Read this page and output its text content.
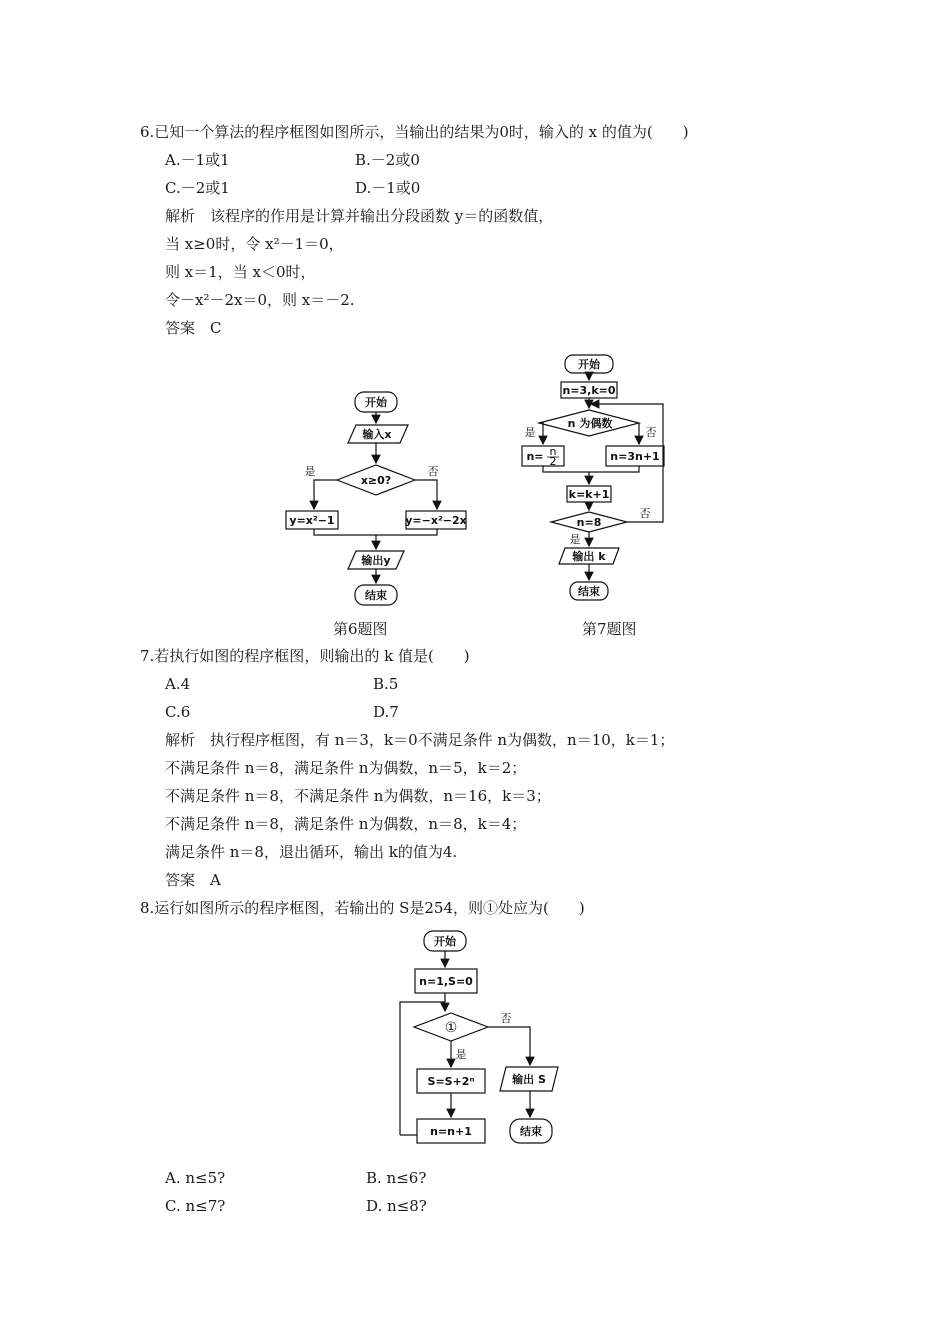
6.已知一个算法的程序框图如图所示，当输出的结果为0时，输入的 x 的值为(　　)
A.－1或1	B.－2或0
C.－2或1	D.－1或0
解析　该程序的作用是计算并输出分段函数 y＝的函数值，
当 x≥0时，令 x²－1＝0，
则 x＝1，当 x＜0时，
令－x²－2x＝0，则 x＝－2.
答案　C
开始
输入x
x≥0?
是	否
y=x²−1	y=−x²−2x
输出y
结束
开始
n=3,k=0
n 为偶数
是	否
n= n
2	n=3n+1
k=k+1
n=8
否
是
输出 k
结束
第6题图	第7题图
7.若执行如图的程序框图，则输出的 k 值是(　　)
A.4	B.5
C.6	D.7
解析　执行程序框图，有 n＝3，k＝0不满足条件 n为偶数，n＝10，k＝1；
不满足条件 n＝8，满足条件 n为偶数，n＝5，k＝2；
不满足条件 n＝8，不满足条件 n为偶数，n＝16，k＝3；
不满足条件 n＝8，满足条件 n为偶数，n＝8，k＝4；
满足条件 n＝8，退出循环，输出 k的值为4.
答案　A
8.运行如图所示的程序框图，若输出的 S是254，则①处应为(　　)
开始
n=1,S=0
①
否
是
S=S+2ⁿ
n=n+1
输出 S
结束
A. n≤5?	B. n≤6?
C. n≤7?	D. n≤8?
